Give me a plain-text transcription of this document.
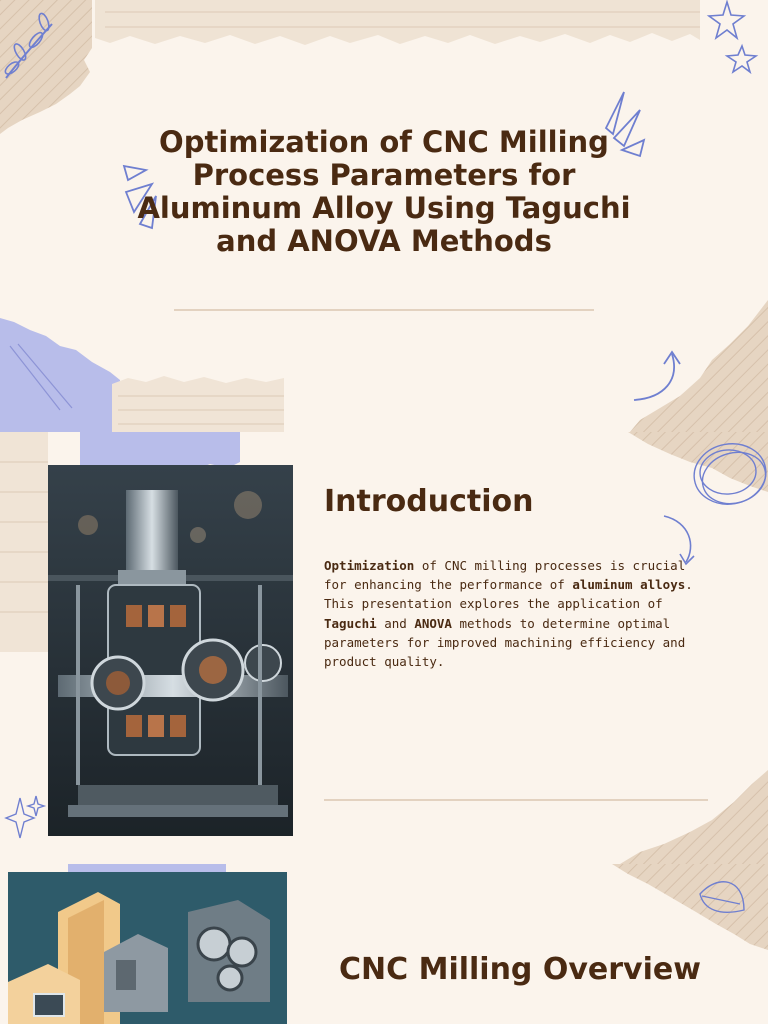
Optimization of CNC Milling Process Parameters for Aluminum Alloy Using Taguchi and ANOVA Methods
Introduction

Optimization of CNC milling processes is crucial for enhancing the performance of aluminum alloys. This presentation explores the application of Taguchi and ANOVA methods to determine optimal parameters for improved machining efficiency and product quality.

CNC Milling Overview
